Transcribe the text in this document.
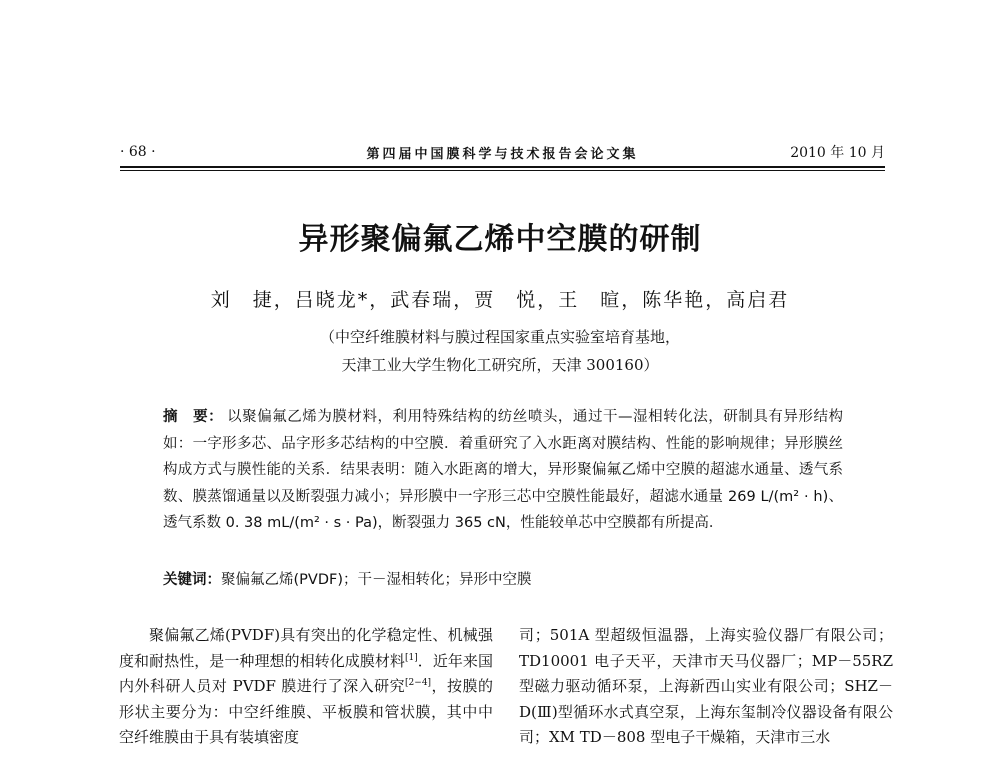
· 68 ·	第四届中国膜科学与技术报告会论文集	2010 年 10 月
异形聚偏氟乙烯中空膜的研制
刘　捷，吕晓龙*，武春瑞，贾　悦，王　暄，陈华艳，高启君
（中空纤维膜材料与膜过程国家重点实验室培育基地，
天津工业大学生物化工研究所，天津 300160）
摘　要： 以聚偏氟乙烯为膜材料，利用特殊结构的纺丝喷头，通过干—湿相转化法，研制具有异形结构如：一字形多芯、品字形多芯结构的中空膜．着重研究了入水距离对膜结构、性能的影响规律；异形膜丝构成方式与膜性能的关系．结果表明：随入水距离的增大，异形聚偏氟乙烯中空膜的超滤水通量、透气系数、膜蒸馏通量以及断裂强力减小；异形膜中一字形三芯中空膜性能最好，超滤水通量 269 L/(m² · h)、透气系数 0. 38 mL/(m² · s · Pa)，断裂强力 365 cN，性能较单芯中空膜都有所提高．
关键词：聚偏氟乙烯(PVDF)；干－湿相转化；异形中空膜
聚偏氟乙烯(PVDF)具有突出的化学稳定性、机械强度和耐热性，是一种理想的相转化成膜材料[1]．近年来国内外科研人员对 PVDF 膜进行了深入研究[2−4]，按膜的形状主要分为：中空纤维膜、平板膜和管状膜，其中中空纤维膜由于具有装填密度
司；501A 型超级恒温器，上海实验仪器厂有限公司；TD10001 电子天平，天津市天马仪器厂；MP－55RZ 型磁力驱动循环泵，上海新西山实业有限公司；SHZ－D(Ⅲ)型循环水式真空泵，上海东玺制冷仪器设备有限公司；XM TD－808 型电子干燥箱，天津市三水
